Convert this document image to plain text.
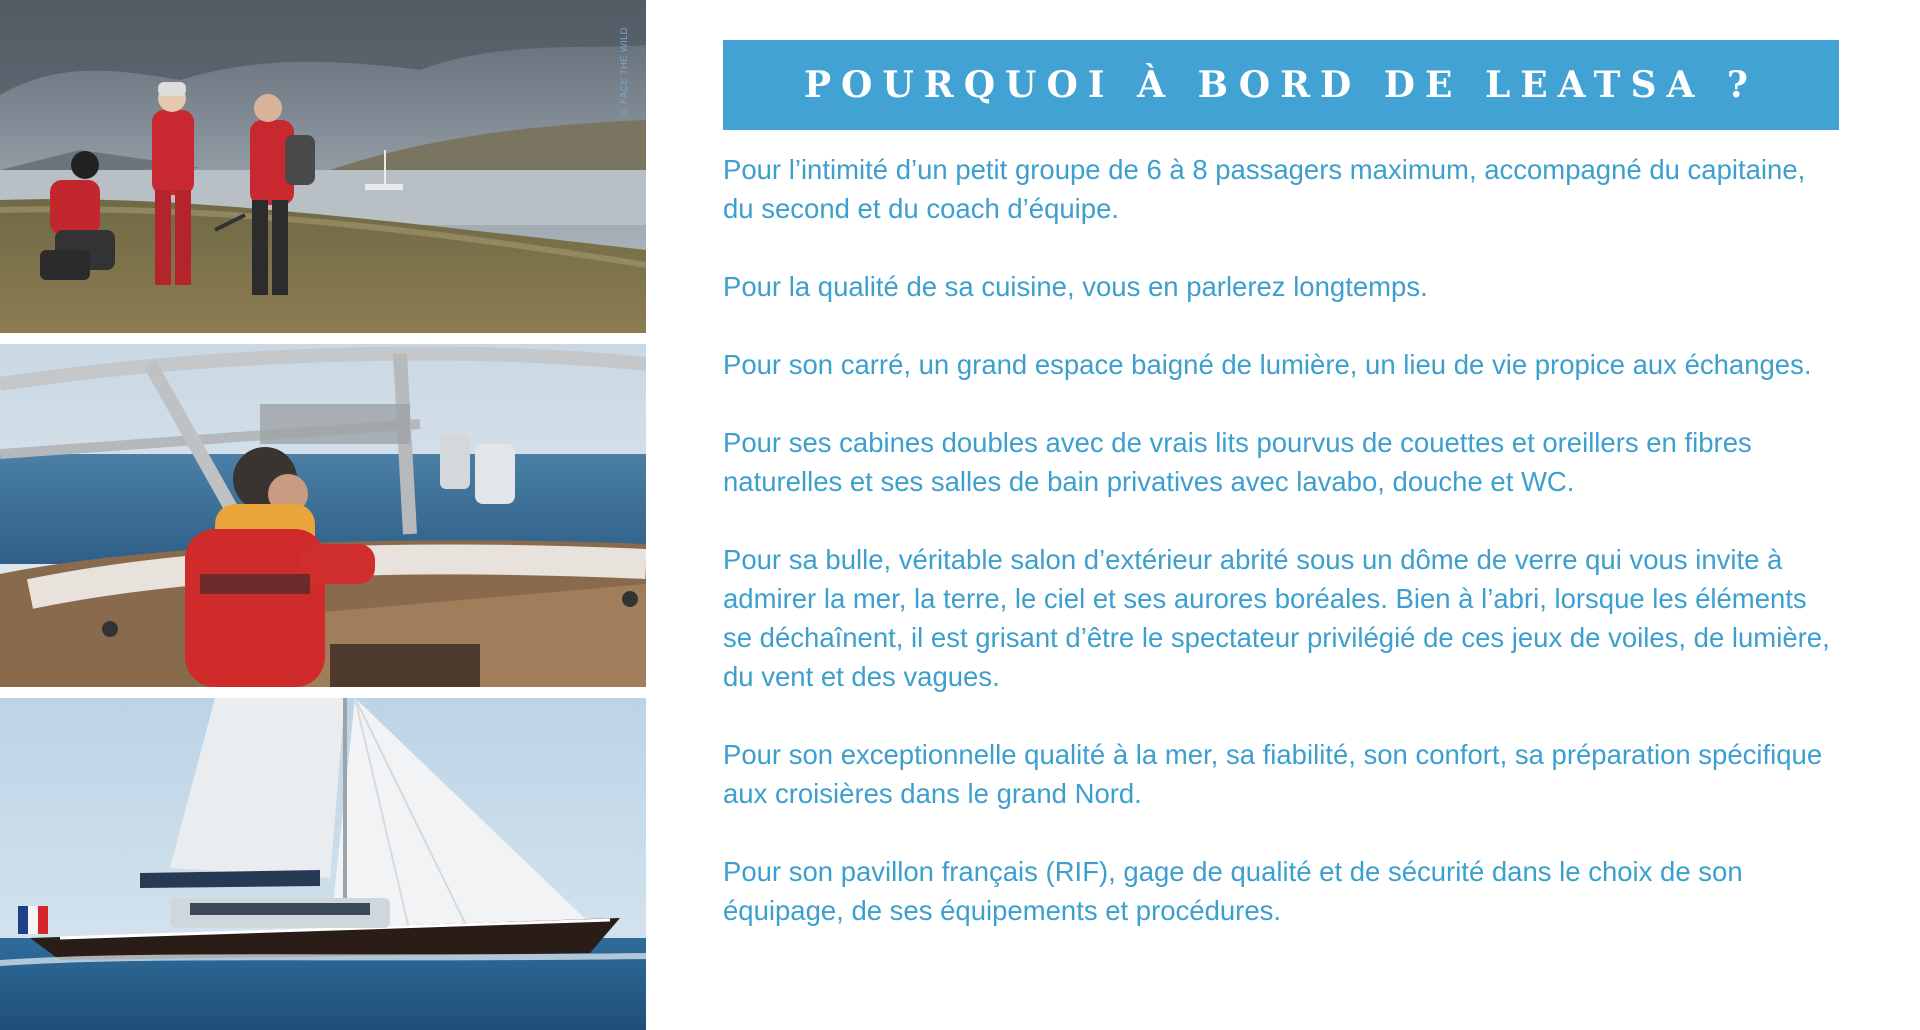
© FACE THE WILD	POURQUOI À BORD DE LEATSA ?

Pour l’intimité d’un petit groupe de 6 à 8 passagers maximum, accompagné du capitaine, du second et du coach d’équipe.

Pour la qualité de sa cuisine, vous en parlerez longtemps.

Pour son carré, un grand espace baigné de lumière, un lieu de vie propice aux échanges.

Pour ses cabines doubles avec de vrais lits pourvus de couettes et oreillers en fibres naturelles et ses salles de bain privatives avec lavabo, douche et WC.

Pour sa bulle, véritable salon d’extérieur abrité sous un dôme de verre qui vous invite à admirer la mer, la terre, le ciel et ses aurores boréales. Bien à l’abri, lorsque les éléments se déchaînent, il est grisant d’être le spectateur privilégié de ces jeux de voiles, de lumière, du vent et des vagues.

Pour son exceptionnelle qualité à la mer, sa fiabilité, son confort, sa préparation spécifique aux croisières dans le grand Nord.

Pour son pavillon français (RIF), gage de qualité et de sécurité dans le choix de son équipage, de ses équipements et procédures.
